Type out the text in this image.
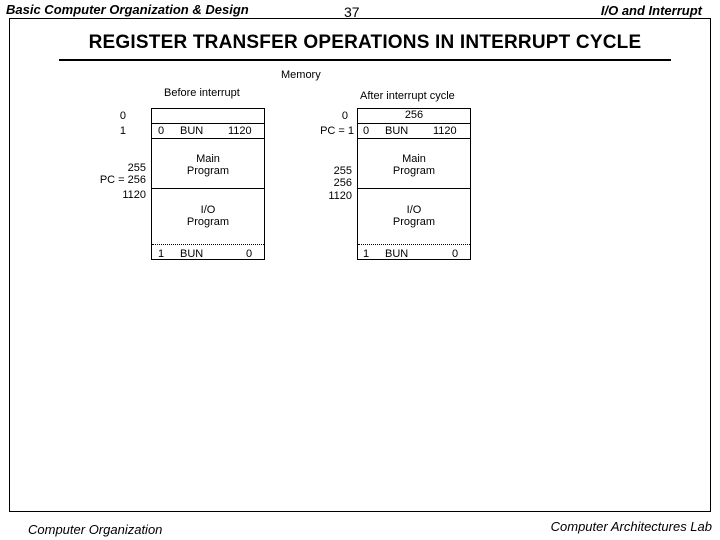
Basic Computer Organization & Design	37	I/O and Interrupt
REGISTER TRANSFER OPERATIONS IN INTERRUPT CYCLE
Memory
Before interrupt
0
1
255
PC = 256
1120
0 BUN 1120
Main
Program
I/O
Program
1 BUN	0
After interrupt cycle
0
PC = 1
255
256
1120
256
0 BUN 1120
Main
Program
I/O
Program
1 BUN	0
Computer Organization	Computer Architectures Lab
